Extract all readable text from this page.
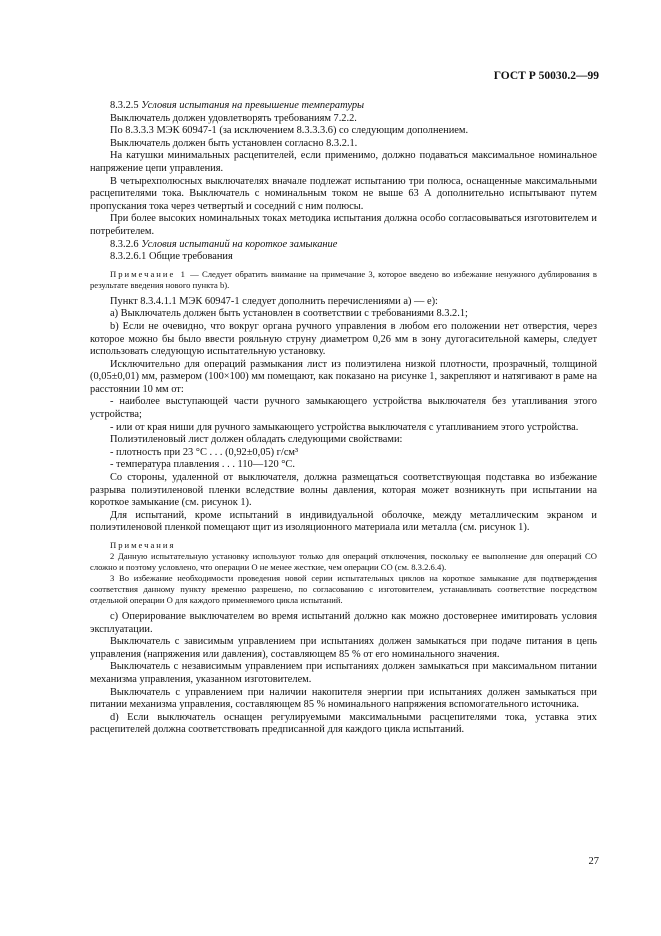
ГОСТ Р 50030.2—99

8.3.2.5 Условия испытания на превышение температуры

Выключатель должен удовлетворять требованиям 7.2.2.

По 8.3.3.3 МЭК 60947-1 (за исключением 8.3.3.3.6) со следующим дополнением.

Выключатель должен быть установлен согласно 8.3.2.1.

На катушки минимальных расцепителей, если применимо, должно подаваться максимальное номинальное напряжение цепи управления.

В четырехполюсных выключателях вначале подлежат испытанию три полюса, оснащенные максимальными расцепителями тока. Выключатель с номинальным током не выше 63 А дополнительно испытывают путем пропускания тока через четвертый и соседний с ним полюсы.

При более высоких номинальных токах методика испытания должна особо согласовываться изготовителем и потребителем.

8.3.2.6 Условия испытаний на короткое замыкание

8.3.2.6.1 Общие требования

Примечание 1 — Следует обратить внимание на примечание 3, которое введено во избежание ненужного дублирования в результате введения нового пункта b).

Пункт 8.3.4.1.1 МЭК 60947-1 следует дополнить перечислениями а) — е):

а) Выключатель должен быть установлен в соответствии с требованиями 8.3.2.1;

b) Если не очевидно, что вокруг органа ручного управления в любом его положении нет отверстия, через которое можно бы было ввести рояльную струну диаметром 0,26 мм в зону дугогасительной камеры, следует использовать следующую испытательную установку.

Исключительно для операций размыкания лист из полиэтилена низкой плотности, прозрачный, толщиной (0,05±0,01) мм, размером (100×100) мм помещают, как показано на рисунке 1, закрепляют и натягивают в раме на расстоянии 10 мм от:

- наиболее выступающей части ручного замыкающего устройства выключателя без утапливания этого устройства;

- или от края ниши для ручного замыкающего устройства выключателя с утапливанием этого устройства.

Полиэтиленовый лист должен обладать следующими свойствами:

- плотность при 23 °С . . . (0,92±0,05) г/см³

- температура плавления . . . 110—120 °С.

Со стороны, удаленной от выключателя, должна размещаться соответствующая подставка во избежание разрыва полиэтиленовой пленки вследствие волны давления, которая может возникнуть при испытании на короткое замыкание (см. рисунок 1).

Для испытаний, кроме испытаний в индивидуальной оболочке, между металлическим экраном и полиэтиленовой пленкой помещают щит из изоляционного материала или металла (см. рисунок 1).

Примечания

2 Данную испытательную установку используют только для операций отключения, поскольку ее выполнение для операций СО сложно и поэтому условлено, что операции О не менее жесткие, чем операции СО (см. 8.3.2.6.4).

3 Во избежание необходимости проведения новой серии испытательных циклов на короткое замыкание для подтверждения соответствия данному пункту временно разрешено, по согласованию с изготовителем, устанавливать соответствие посредством отдельной операции О для каждого применяемого цикла испытаний.

с) Оперирование выключателем во время испытаний должно как можно достовернее имитировать условия эксплуатации.

Выключатель с зависимым управлением при испытаниях должен замыкаться при подаче питания в цепь управления (напряжения или давления), составляющем 85 % от его номинального значения.

Выключатель с независимым управлением при испытаниях должен замыкаться при максимальном питании механизма управления, указанном изготовителем.

Выключатель с управлением при наличии накопителя энергии при испытаниях должен замыкаться при питании механизма управления, составляющем 85 % номинального напряжения вспомогательного источника.

d) Если выключатель оснащен регулируемыми максимальными расцепителями тока, уставка этих расцепителей должна соответствовать предписанной для каждого цикла испытаний.

27
